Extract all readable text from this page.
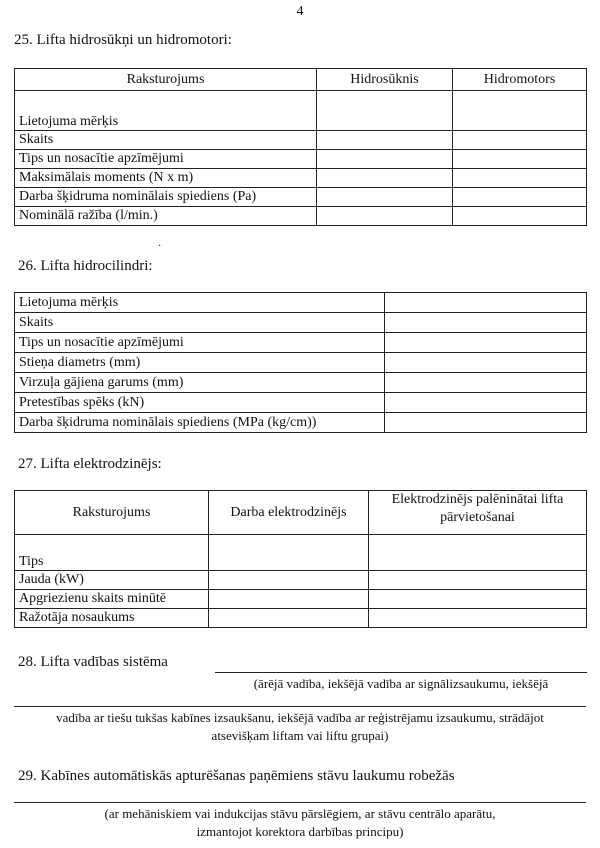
4
25. Lifta hidrosūkņi un hidromotori:
Raksturojums	Hidrosūknis	Hidromotors
Lietojuma mērķis		
Skaits		
Tips un nosacītie apzīmējumi		
Maksimālais moments (N x m)		
Darba šķidruma nominālais spiediens (Pa)		
Nominālā ražība (l/min.)		
․
26. Lifta hidrocilindri:
Lietojuma mērķis	
Skaits	
Tips un nosacītie apzīmējumi	
Stieņa diametrs (mm)	
Virzuļa gājiena garums (mm)	
Pretestības spēks (kN)	
Darba šķidruma nominālais spiediens (MPa (kg/cm))	
27. Lifta elektrodzinējs:
Raksturojums	Darba elektrodzinējs	Elektrodzinējs palēninātai lifta pārvietošanai
Tips		
Jauda (kW)		
Apgriezienu skaits minūtē		
Ražotāja nosaukums		
28. Lifta vadības sistēma
(ārējā vadība, iekšējā vadība ar signālizsaukumu, iekšējā
vadība ar tiešu tukšas kabīnes izsaukšanu, iekšējā vadība ar reģistrējamu izsaukumu, strādājot
atsevišķam liftam vai liftu grupai)
29. Kabīnes automātiskās apturēšanas paņēmiens stāvu laukumu robežās
(ar mehāniskiem vai indukcijas stāvu pārslēgiem, ar stāvu centrālo aparātu,
izmantojot korektora darbības principu)
